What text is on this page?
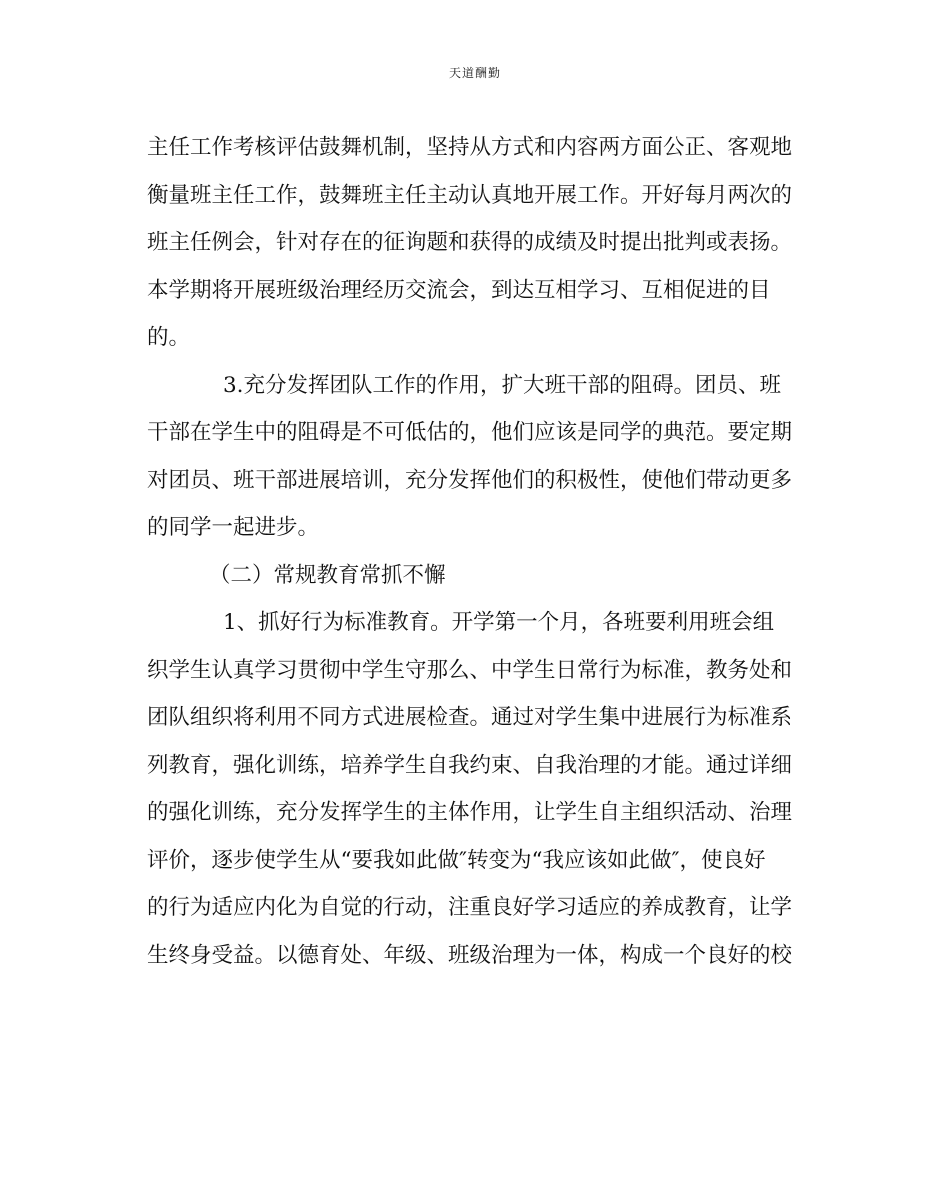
天道酬勤
主任工作考核评估鼓舞机制，坚持从方式和内容两方面公正、客观地
衡量班主任工作，鼓舞班主任主动认真地开展工作。开好每月两次的
班主任例会，针对存在的征询题和获得的成绩及时提出批判或表扬。
本学期将开展班级治理经历交流会，到达互相学习、互相促进的目
的。
3.充分发挥团队工作的作用，扩大班干部的阻碍。团员、班
干部在学生中的阻碍是不可低估的，他们应该是同学的典范。要定期
对团员、班干部进展培训，充分发挥他们的积极性，使他们带动更多
的同学一起进步。
（二）常规教育常抓不懈
1、抓好行为标准教育。开学第一个月，各班要利用班会组
织学生认真学习贯彻中学生守那么、中学生日常行为标准，教务处和
团队组织将利用不同方式进展检查。通过对学生集中进展行为标准系
列教育，强化训练，培养学生自我约束、自我治理的才能。通过详细
的强化训练，充分发挥学生的主体作用，让学生自主组织活动、治理
评价，逐步使学生从“要我如此做″转变为“我应该如此做″，使良好
的行为适应内化为自觉的行动，注重良好学习适应的养成教育，让学
生终身受益。以德育处、年级、班级治理为一体，构成一个良好的校
